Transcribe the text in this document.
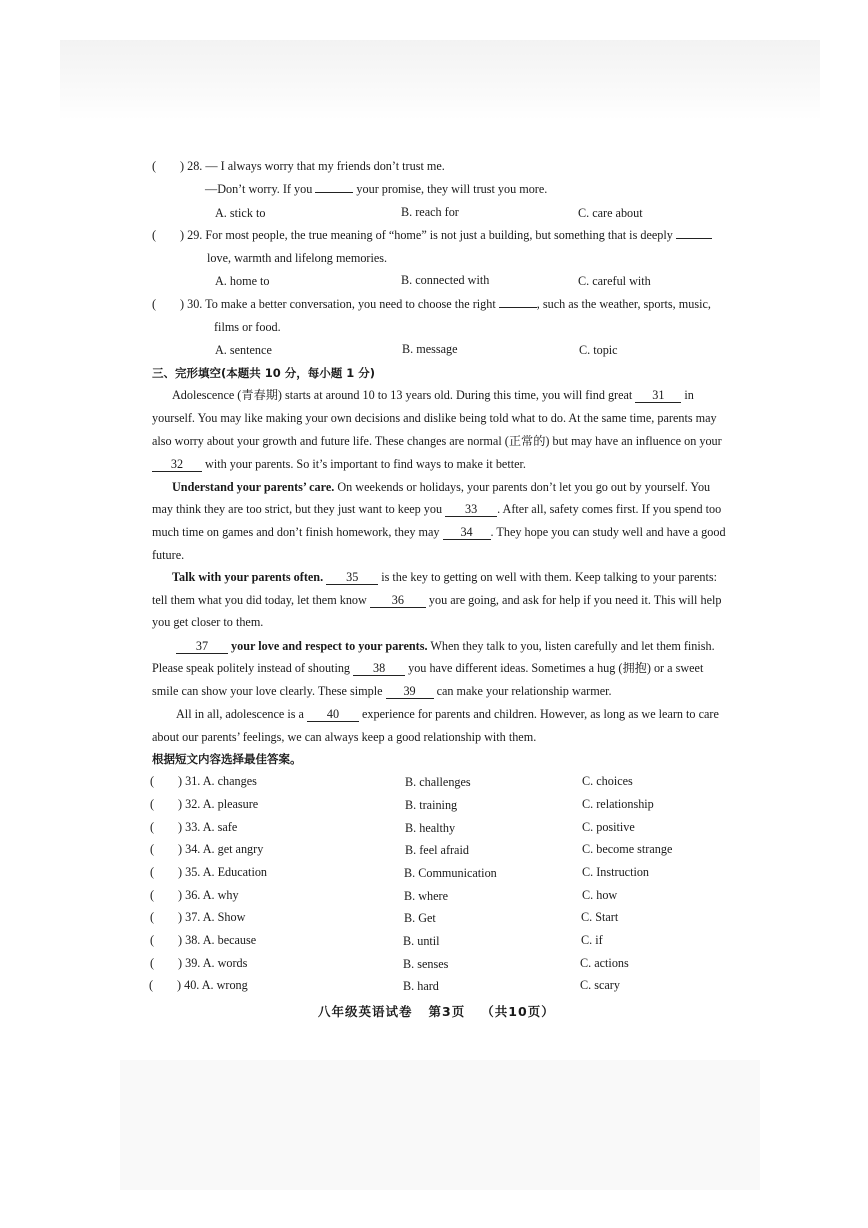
( ) 28. — I always worry that my friends don’t trust me.
—Don’t worry. If you	your promise, they will trust you more.
A. stick to	B. reach for	C. care about
( ) 29. For most people, the true meaning of “home” is not just a building, but something that is deeply
love, warmth and lifelong memories.
A. home to	B. connected with	C. careful with
( ) 30. To make a better conversation, you need to choose the right	, such as the weather, sports, music,
films or food.
A. sentence	B. message	C. topic
三、完形填空(本题共 10 分，每小题 1 分)
Adolescence (青春期) starts at around 10 to 13 years old. During this time, you will find great 31 in
yourself. You may like making your own decisions and dislike being told what to do. At the same time, parents may
also worry about your growth and future life. These changes are normal (正常的) but may have an influence on your
32 with your parents. So it’s important to find ways to make it better.
Understand your parents’ care. On weekends or holidays, your parents don’t let you go out by yourself. You
may think they are too strict, but they just want to keep you 33 . After all, safety comes first. If you spend too
much time on games and don’t finish homework, they may 34 . They hope you can study well and have a good
future.
Talk with your parents often. 35 is the key to getting on well with them. Keep talking to your parents:
tell them what you did today, let them know 36 you are going, and ask for help if you need it. This will help
you get closer to them.
37 your love and respect to your parents. When they talk to you, listen carefully and let them finish.
Please speak politely instead of shouting 38 you have different ideas. Sometimes a hug (拥抱) or a sweet
smile can show your love clearly. These simple 39 can make your relationship warmer.
All in all, adolescence is a 40 experience for parents and children. However, as long as we learn to care
about our parents’ feelings, we can always keep a good relationship with them.
根据短文内容选择最佳答案。
( ) 31. A. changes	B. challenges	C. choices
( ) 32. A. pleasure	B. training	C. relationship
( ) 33. A. safe	B. healthy	C. positive
( ) 34. A. get angry	B. feel afraid	C. become strange
( ) 35. A. Education	B. Communication	C. Instruction
( ) 36. A. why	B. where	C. how
( ) 37. A. Show	B. Get	C. Start
( ) 38. A. because	B. until	C. if
( ) 39. A. words	B. senses	C. actions
( ) 40. A. wrong	B. hard	C. scary
八年级英语试卷   第3页   （共10页）
